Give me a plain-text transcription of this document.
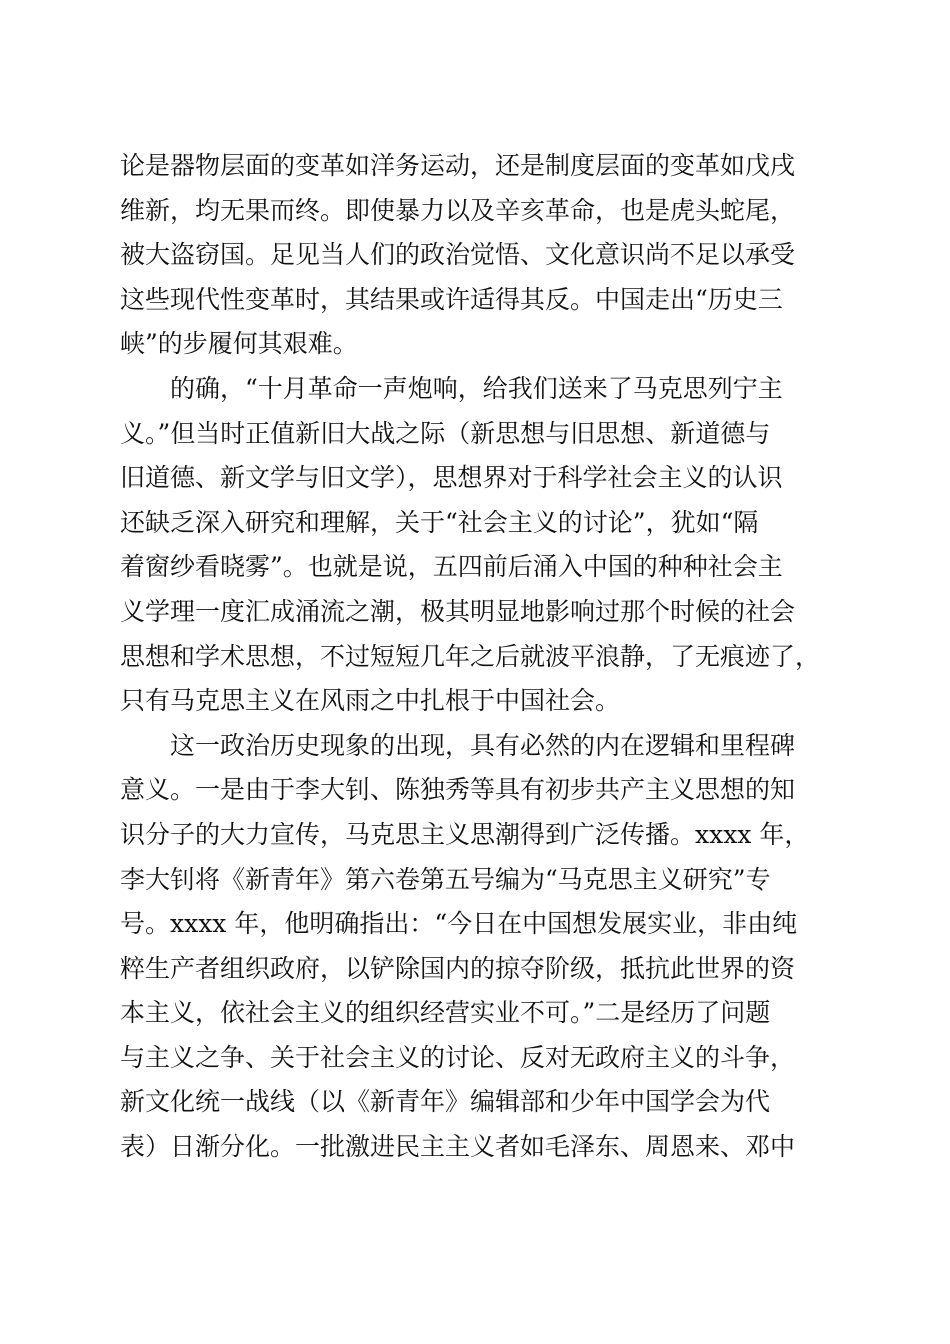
论是器物层面的变革如洋务运动，还是制度层面的变革如戊戌
维新，均无果而终。即使暴力以及辛亥革命，也是虎头蛇尾，
被大盗窃国。足见当人们的政治觉悟、文化意识尚不足以承受
这些现代性变革时，其结果或许适得其反。中国走出“历史三
峡”的步履何其艰难。
的确，“十月革命一声炮响，给我们送来了马克思列宁主
义。”但当时正值新旧大战之际（新思想与旧思想、新道德与
旧道德、新文学与旧文学），思想界对于科学社会主义的认识
还缺乏深入研究和理解，关于“社会主义的讨论”，犹如“隔
着窗纱看晓雾”。也就是说，五四前后涌入中国的种种社会主
义学理一度汇成涌流之潮，极其明显地影响过那个时候的社会
思想和学术思想，不过短短几年之后就波平浪静，了无痕迹了，
只有马克思主义在风雨之中扎根于中国社会。
这一政治历史现象的出现，具有必然的内在逻辑和里程碑
意义。一是由于李大钊、陈独秀等具有初步共产主义思想的知
识分子的大力宣传，马克思主义思潮得到广泛传播。xxxx 年，
李大钊将《新青年》第六卷第五号编为“马克思主义研究”专
号。xxxx 年，他明确指出：“今日在中国想发展实业，非由纯
粹生产者组织政府，以铲除国内的掠夺阶级，抵抗此世界的资
本主义，依社会主义的组织经营实业不可。”二是经历了问题
与主义之争、关于社会主义的讨论、反对无政府主义的斗争，
新文化统一战线（以《新青年》编辑部和少年中国学会为代
表）日渐分化。一批激进民主主义者如毛泽东、周恩来、邓中
